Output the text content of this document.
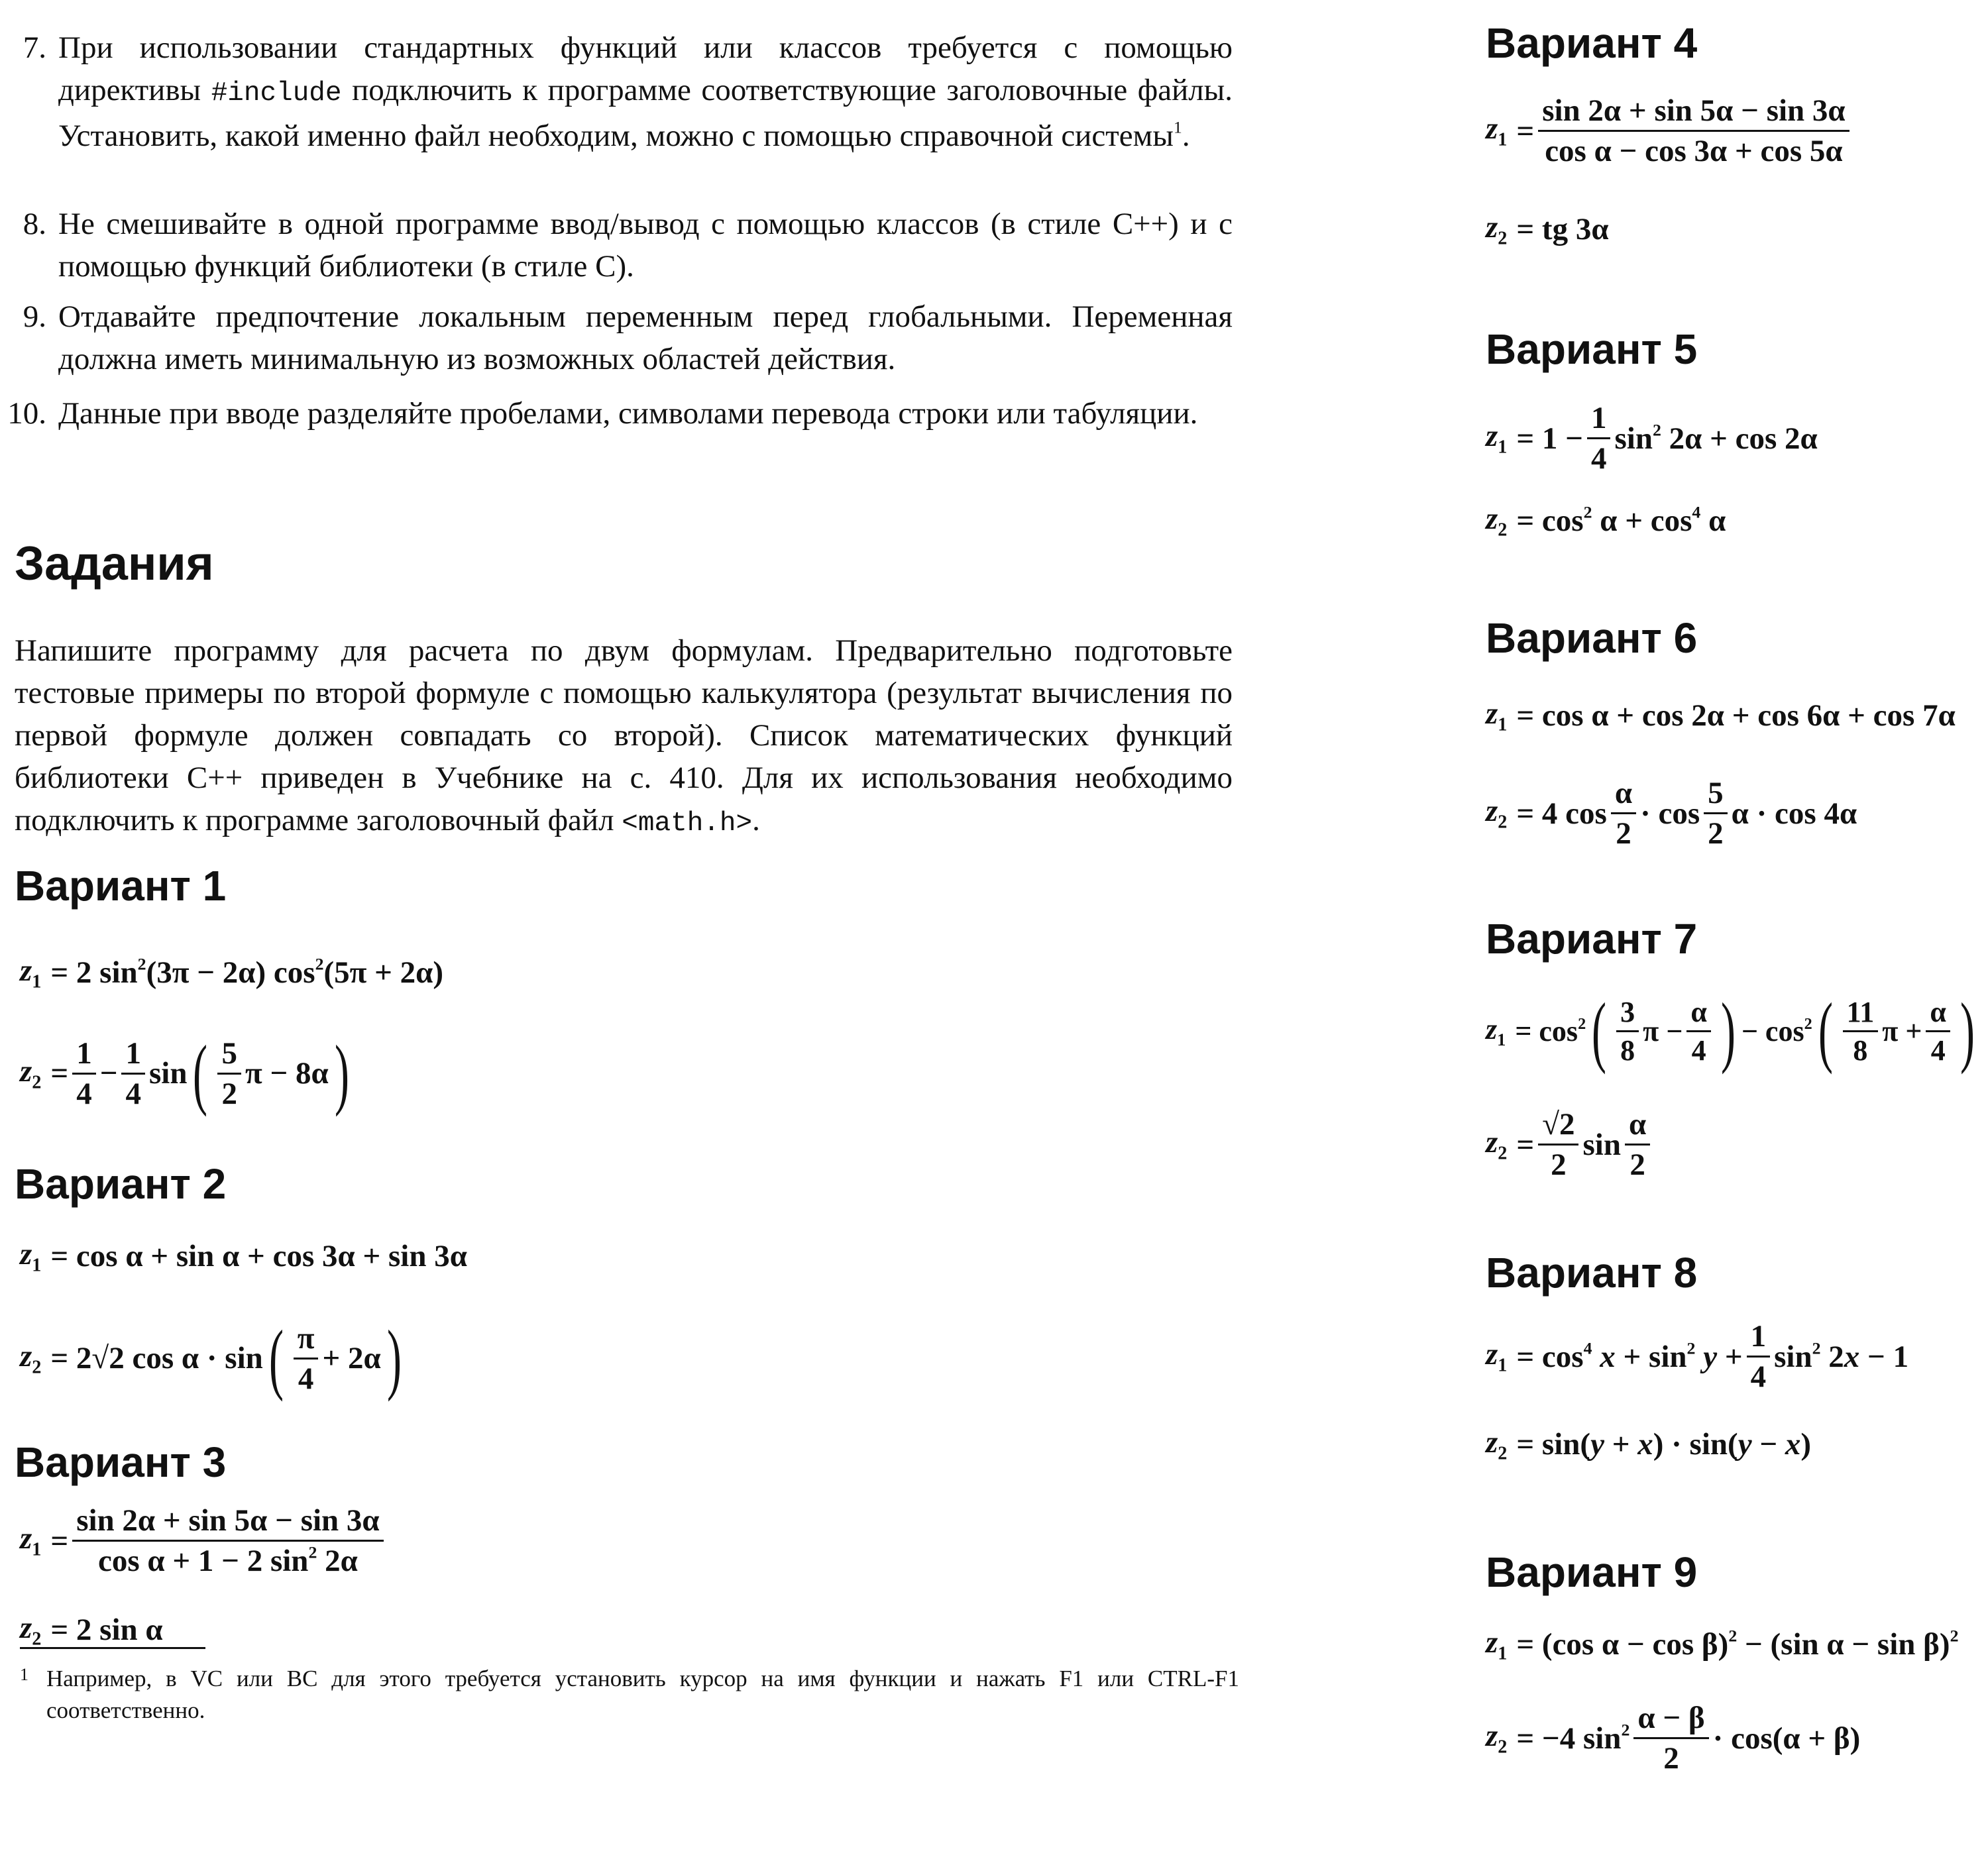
7. При использовании стандартных функций или классов требуется с помощью директивы #include подключить к программе соответствующие заголовочные файлы. Установить, какой именно файл необходим, можно с помощью справочной системы$^1$.
8. Не смешивайте в одной программе ввод/вывод с помощью классов (в стиле C++) и с помощью функций библиотеки (в стиле С).
9. Отдавайте предпочтение локальным переменным перед глобальными. Переменная должна иметь минимальную из возможных областей действия.
10. Данные при вводе разделяйте пробелами, символами перевода строки или табуляции.
Задания
Напишите программу для расчета по двум формулам. Предварительно подготовьте тестовые примеры по второй формуле с помощью калькулятора (результат вычисления по первой формуле должен совпадать со второй). Список математических функций библиотеки C++ приведен в Учебнике на с. 410. Для их использования необходимо подключить к программе заголовочный файл <math.h>.
Вариант 1
$z_1 = 2$ $\sin^2(3\pi - 2\alpha) \cos^2(5\pi + 2\alpha)$
$z_2 = \frac{1}{4} - \frac{1}{4}$ sin ( $\frac{5}{2}$ π − 8α )
Вариант 2
$z_1 = \cos \alpha + \sin \alpha + \cos 3\alpha + \sin 3\alpha$
$z_2 = 2√2$ cos α · sin ( $\frac{\pi}{4} + 2\alpha$ )
Вариант 3
$z_1 = \frac{\sin 2\alpha + \sin 5\alpha - \sin 3\alpha}{\cos \alpha + 1 - 2 \sin^2 2\alpha}$
$z_2 = 2$ sin α
1 Например, в VC или BC для этого требуется установить курсор на имя функции и нажать F1 или CTRL-F1 соответственно.
Вариант 4
$z_1 = \frac{\sin 2\alpha + \sin 5\alpha - \sin 3\alpha}{\text{cos α − cos 3α + cos 5α}}$
$z_2$ = tg 3α
Вариант 5
$z_1 = 1 - \frac{1}{4} \sin^2 2\alpha + \cos 2\alpha$
$z_2 = \cos^2 \alpha + \cos^4 \alpha$
Вариант 6
$z_1 = \cos \alpha + \cos 2\alpha + \cos 6\alpha + \cos 7\alpha$
$z_2 = 4$ $\cos \frac{\alpha}{2} \cdot \cos \frac{5}{2}$ α · cos 4α
Вариант 7
$z_1 = \cos^2$ ( $\frac{3}{8}$ $\pi - \frac{\alpha}{4}$ ) − $\cos^2$ ( $\frac{11}{8}$ $\pi + \frac{\alpha}{4}$ )
$z_2 = \frac{√2}{2}$ $\sin \frac{\alpha}{2}$
Вариант 8
$z_1 = \cos^4 x + \sin^2 y + \frac{1}{4} \sin^2 2x - 1$
$z_2 = \sin(y + x) \cdot \sin(y - x)$
Вариант 9
$z_1 = (\cos$ α − cos β)$^2$ − (sin α − sin β)$^2$
$z_2 = -4$ $\sin^2 \frac{\alpha - \beta}{2} \cdot \cos(\alpha + \beta)$
